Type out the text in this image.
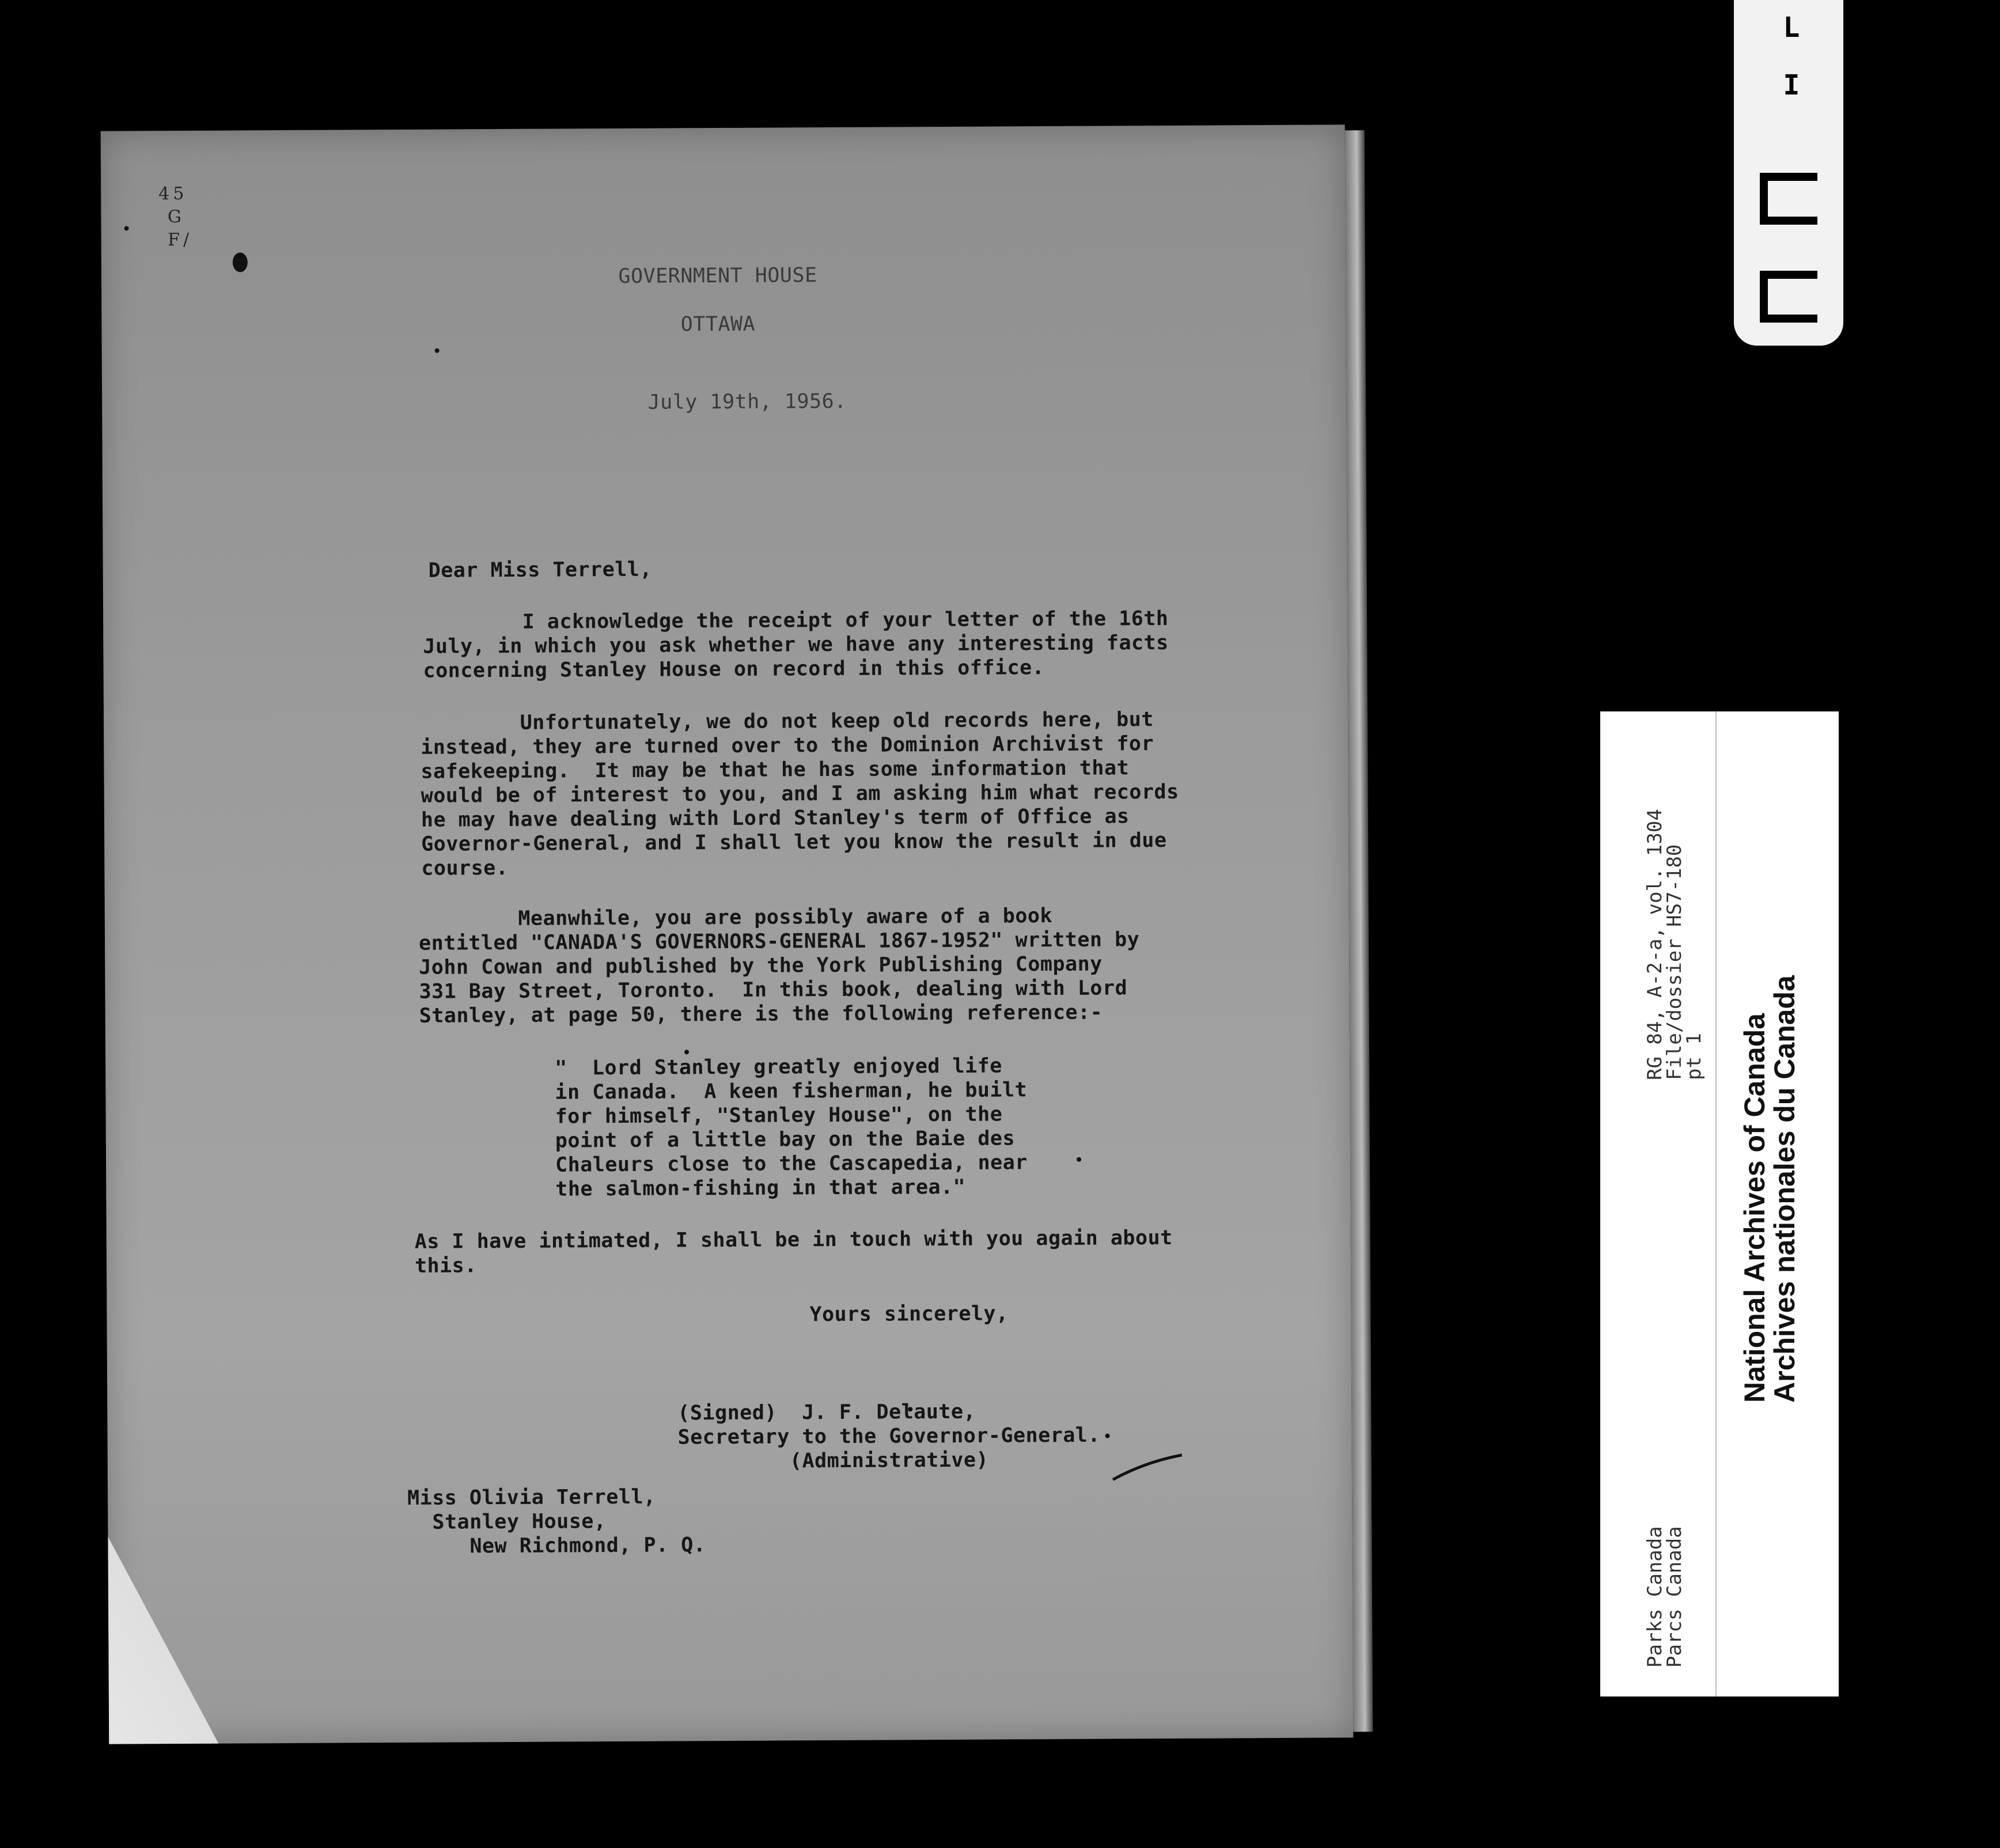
45
G
F/
GOVERNMENT HOUSE
OTTAWA
July 19th, 1956.
Dear Miss Terrell,
I acknowledge the receipt of your letter of the 16th
July, in which you ask whether we have any interesting facts
concerning Stanley House on record in this office.
Unfortunately, we do not keep old records here, but
instead, they are turned over to the Dominion Archivist for
safekeeping.  It may be that he has some information that
would be of interest to you, and I am asking him what records
he may have dealing with Lord Stanley's term of Office as
Governor-General, and I shall let you know the result in due
course.
Meanwhile, you are possibly aware of a book
entitled "CANADA'S GOVERNORS-GENERAL 1867-1952" written by
John Cowan and published by the York Publishing Company
331 Bay Street, Toronto.  In this book, dealing with Lord
Stanley, at page 50, there is the following reference:-
"  Lord Stanley greatly enjoyed life
in Canada.  A keen fisherman, he built
for himself, "Stanley House", on the
point of a little bay on the Baie des
Chaleurs close to the Cascapedia, near
the salmon-fishing in that area."
As I have intimated, I shall be in touch with you again about
this.
Yours sincerely,
(Signed)  J. F. Delaute,
Secretary to the Governor-General.
(Administrative)
Miss Olivia Terrell,
Stanley House,
New Richmond, P. Q.
L
I
RG 84, A-2-a, vol. 1304
File/dossier HS7-180
pt 1
Parks Canada
Parcs Canada
National Archives of Canada
Archives nationales du Canada
